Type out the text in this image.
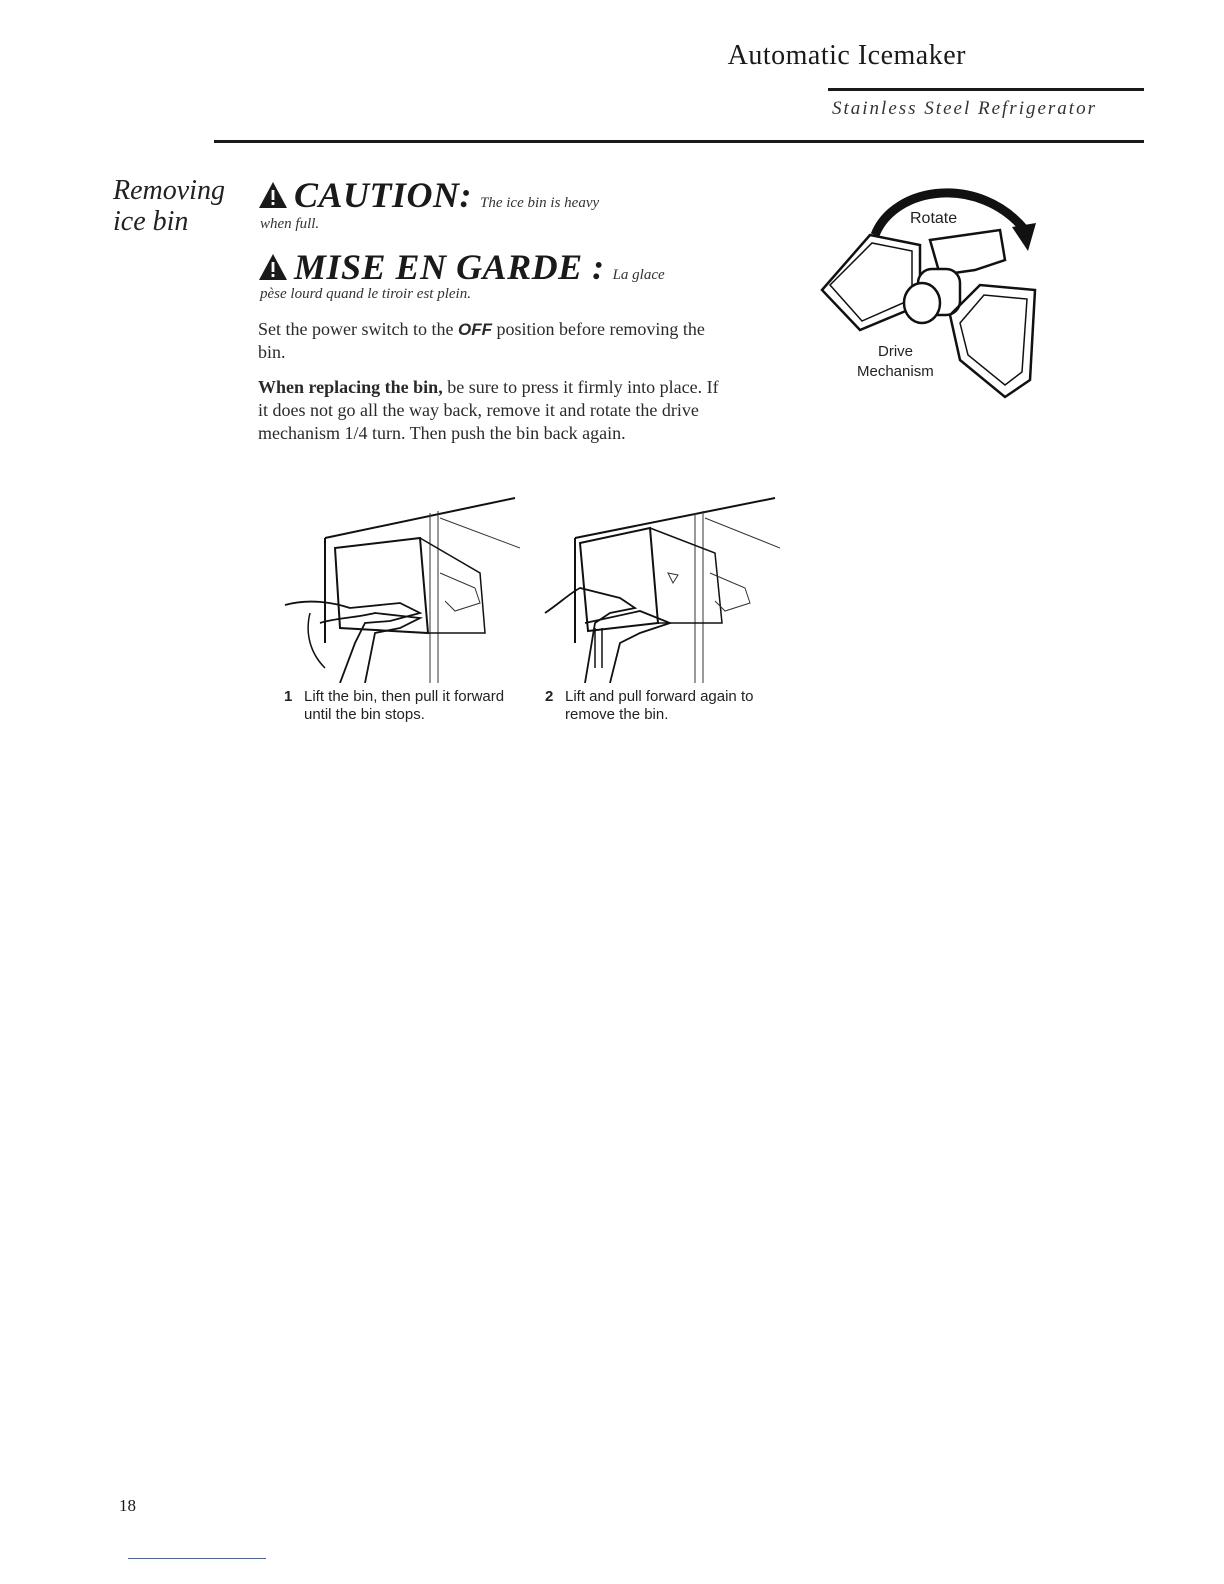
Automatic Icemaker
Stainless Steel Refrigerator
Removing
ice bin
CAUTION: The ice bin is heavy
when full.
MISE EN GARDE : La glace
pèse lourd quand le tiroir est plein.
Set the power switch to the OFF position before removing the bin.
When replacing the bin, be sure to press it firmly into place. If it does not go all the way back, remove it and rotate the drive mechanism 1/4 turn. Then push the bin back again.
Rotate
Drive
Mechanism
1 Lift the bin, then pull it forward until the bin stops.
2 Lift and pull forward again to remove the bin.
18
